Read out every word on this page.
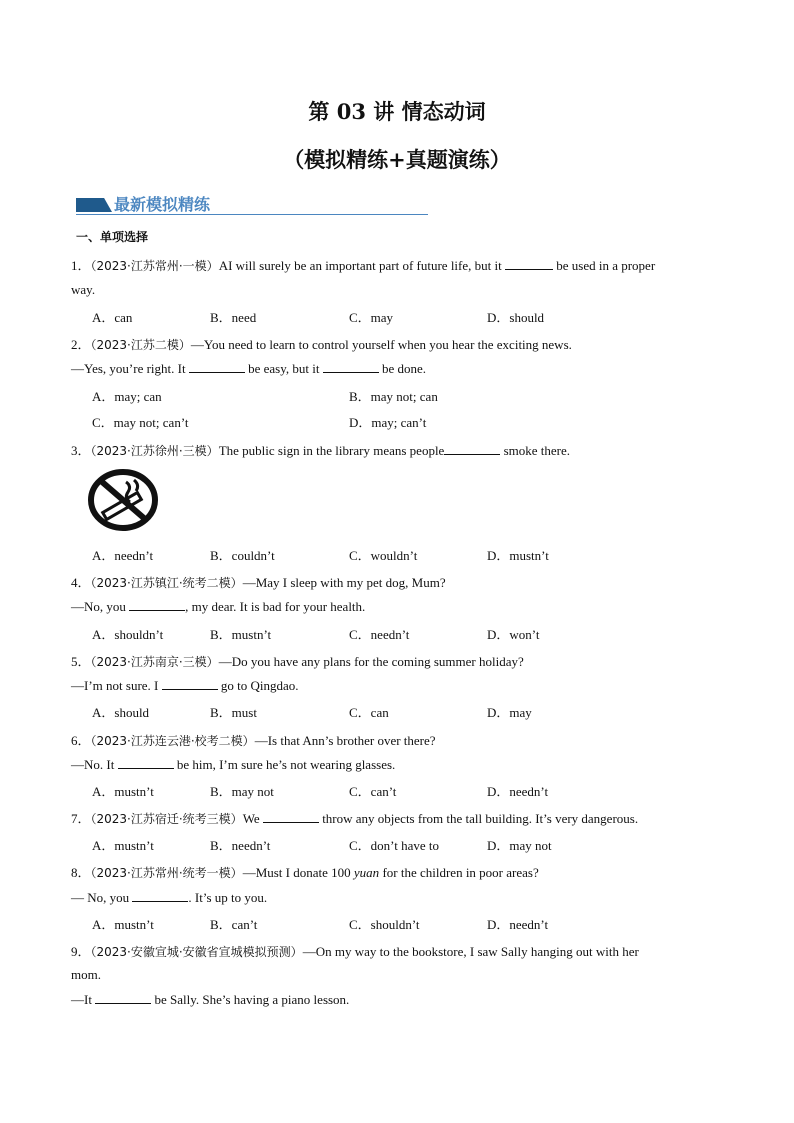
第 03 讲 情态动词
（模拟精练+真题演练）
最新模拟精练
一、单项选择
1．（2023·江苏常州·一模）AI will surely be an important part of future life, but it	be used in a proper
way.
A．can	B．need	C．may	D．should
2．（2023·江苏二模）—You need to learn to control yourself when you hear the exciting news.
—Yes, you’re right. It	be easy, but it	be done.
A．may; can	B．may not; can
C．may not; can’t	D．may; can’t
3．（2023·江苏徐州·三模）The public sign in the library means people	smoke there.
A．needn’t	B．couldn’t	C．wouldn’t	D．mustn’t
4．（2023·江苏镇江·统考二模）—May I sleep with my pet dog, Mum?
—No, you	, my dear. It is bad for your health.
A．shouldn’t	B．mustn’t	C．needn’t	D．won’t
5．（2023·江苏南京·三模）—Do you have any plans for the coming summer holiday?
—I’m not sure. I	go to Qingdao.
A．should	B．must	C．can	D．may
6．（2023·江苏连云港·校考二模）—Is that Ann’s brother over there?
—No. It	be him, I’m sure he’s not wearing glasses.
A．mustn’t	B．may not	C．can’t	D．needn’t
7．（2023·江苏宿迁·统考三模）We	throw any objects from the tall building. It’s very dangerous.
A．mustn’t	B．needn’t	C．don’t have to	D．may not
8．（2023·江苏常州·统考一模）—Must I donate 100 yuan for the children in poor areas?
— No, you	. It’s up to you.
A．mustn’t	B．can’t	C．shouldn’t	D．needn’t
9．（2023·安徽宣城·安徽省宣城模拟预测）—On my way to the bookstore, I saw Sally hanging out with her
mom.
—It	be Sally. She’s having a piano lesson.
